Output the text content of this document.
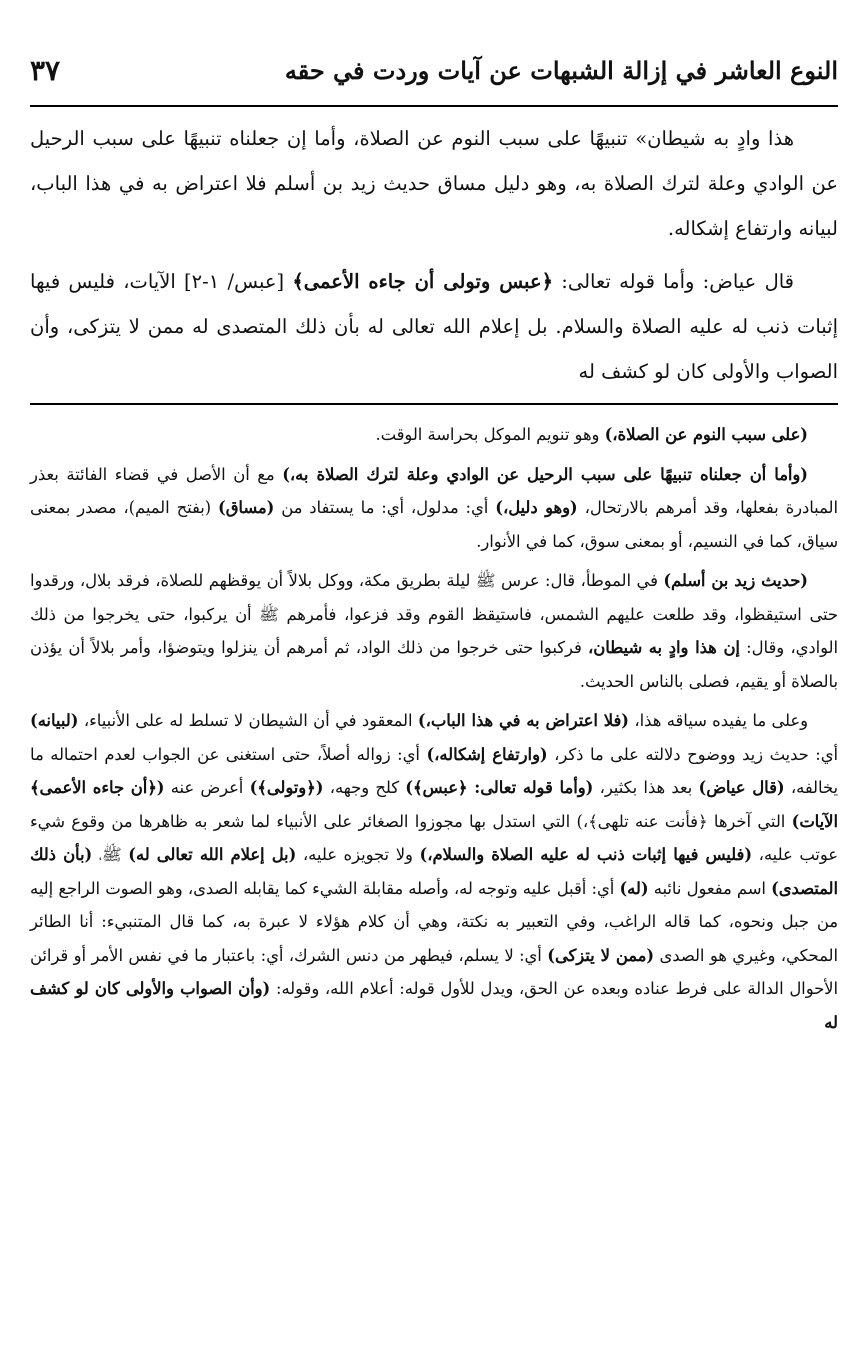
النوع العاشر في إزالة الشبهات عن آيات وردت في حقه
٣٧

هذا وادٍ به شيطان» تنبيهًا على سبب النوم عن الصلاة، وأما إن جعلناه تنبيهًا على سبب الرحيل عن الوادي وعلة لترك الصلاة به، وهو دليل مساق حديث زيد بن أسلم فلا اعتراض به في هذا الباب، لبيانه وارتفاع إشكاله.

قال عياض: وأما قوله تعالى: ﴿عبس وتولى أن جاءه الأعمى﴾ [عبس/ ١-٢] الآيات، فليس فيها إثبات ذنب له عليه الصلاة والسلام. بل إعلام الله تعالى له بأن ذلك المتصدى له ممن لا يتزكى، وأن الصواب والأولى كان لو كشف له

(على سبب النوم عن الصلاة،) وهو تنويم الموكل بحراسة الوقت.

(وأما أن جعلناه تنبيهًا على سبب الرحيل عن الوادي وعلة لترك الصلاة به،) مع أن الأصل في قضاء الفائتة بعذر المبادرة بفعلها، وقد أمرهم بالارتحال، (وهو دليل،) أي: مدلول، أي: ما يستفاد من (مساق) (بفتح الميم)، مصدر بمعنى سياق، كما في النسيم، أو بمعنى سوق، كما في الأنوار.

(حديث زيد بن أسلم) في الموطأ، قال: عرس ﷺ ليلة بطريق مكة، ووكل بلالاً أن يوقظهم للصلاة، فرقد بلال، ورقدوا حتى استيقظوا، وقد طلعت عليهم الشمس، فاستيقظ القوم وقد فزعوا، فأمرهم ﷺ أن يركبوا، حتى يخرجوا من ذلك الوادي، وقال: إن هذا وادٍ به شيطان، فركبوا حتى خرجوا من ذلك الواد، ثم أمرهم أن ينزلوا ويتوضؤا، وأمر بلالاً أن يؤذن بالصلاة أو يقيم، فصلى بالناس الحديث.

وعلى ما يفيده سياقه هذا، (فلا اعتراض به في هذا الباب،) المعقود في أن الشيطان لا تسلط له على الأنبياء، (لبيانه) أي: حديث زيد ووضوح دلالته على ما ذكر، (وارتفاع إشكاله،) أي: زواله أصلاً، حتى استغنى عن الجواب لعدم احتماله ما يخالفه، (قال عياض) بعد هذا بكثير، (وأما قوله تعالى: ﴿عبس﴾) كلح وجهه، (﴿وتولى﴾) أعرض عنه (﴿أن جاءه الأعمى﴾ الآيات) التي آخرها ﴿فأنت عنه تلهى﴾،) التي استدل بها مجوزوا الصغائر على الأنبياء لما شعر به ظاهرها من وقوع شيء عوتب عليه، (فليس فيها إثبات ذنب له عليه الصلاة والسلام،) ولا تجويزه عليه، (بل إعلام الله تعالى له) ﷺ، (بأن ذلك المتصدى) اسم مفعول نائبه (له) أي: أقبل عليه وتوجه له، وأصله مقابلة الشيء كما يقابله الصدى، وهو الصوت الراجع إليه من جبل ونحوه، كما قاله الراغب، وفي التعبير به نكتة، وهي أن كلام هؤلاء لا عبرة به، كما قال المتنبيء: أنا الطائر المحكي، وغيري هو الصدى (ممن لا يتزكى) أي: لا يسلم، فيطهر من دنس الشرك، أي: باعتبار ما في نفس الأمر أو قرائن الأحوال الدالة على فرط عناده وبعده عن الحق، ويدل للأول قوله: أعلام الله، وقوله: (وأن الصواب والأولى كان لو كشف له
